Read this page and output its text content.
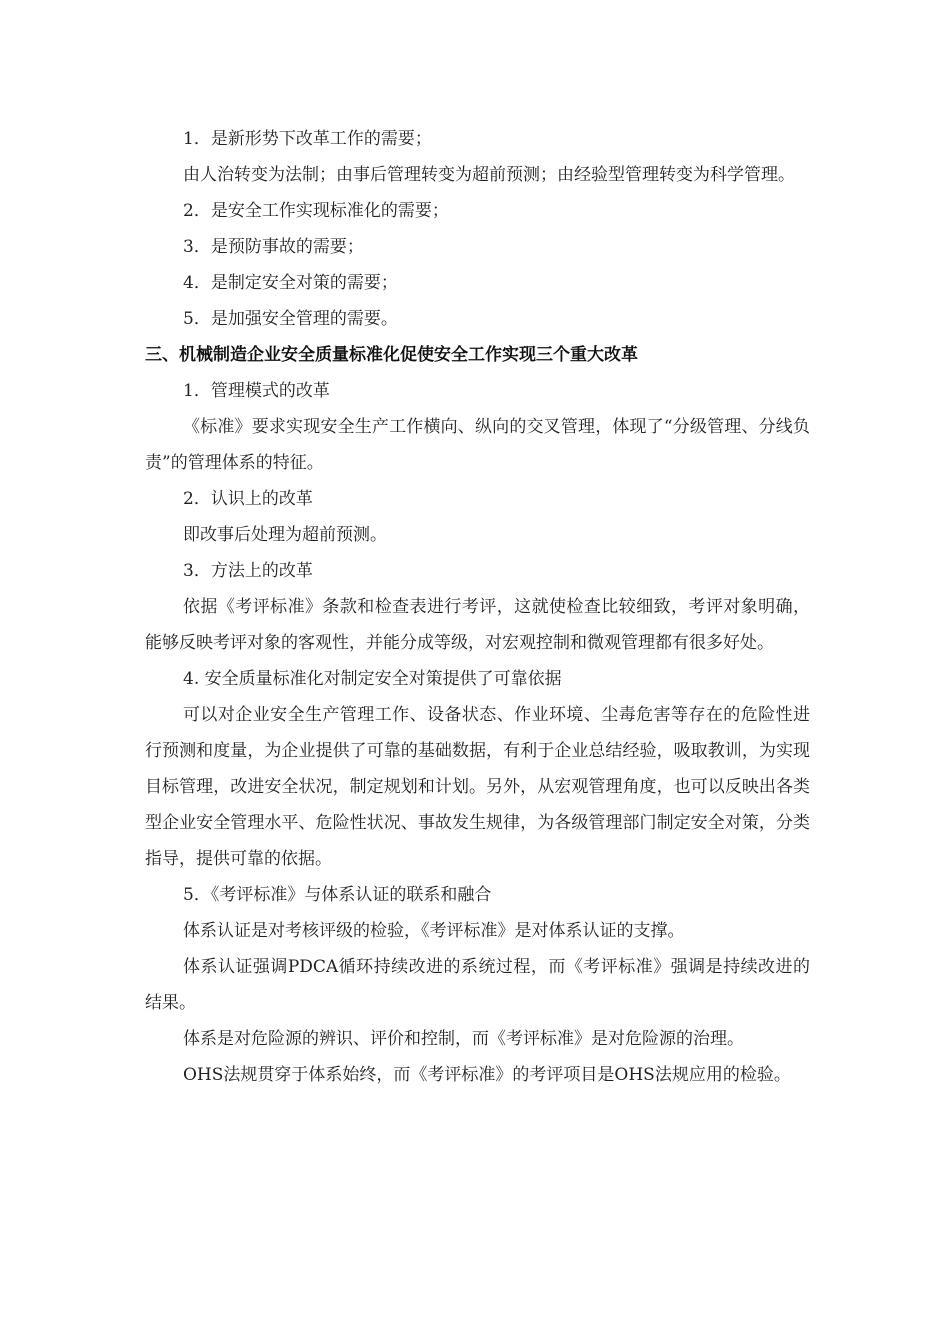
1．是新形势下改革工作的需要；

由人治转变为法制；由事后管理转变为超前预测；由经验型管理转变为科学管理。

2．是安全工作实现标准化的需要；

3．是预防事故的需要；

4．是制定安全对策的需要；

5．是加强安全管理的需要。

三、机械制造企业安全质量标准化促使安全工作实现三个重大改革

1．管理模式的改革

《标准》要求实现安全生产工作横向、纵向的交叉管理，体现了“分级管理、分线负责”的管理体系的特征。

2．认识上的改革

即改事后处理为超前预测。

3．方法上的改革

依据《考评标准》条款和检查表进行考评，这就使检查比较细致，考评对象明确，能够反映考评对象的客观性，并能分成等级，对宏观控制和微观管理都有很多好处。

4. 安全质量标准化对制定安全对策提供了可靠依据

可以对企业安全生产管理工作、设备状态、作业环境、尘毒危害等存在的危险性进行预测和度量，为企业提供了可靠的基础数据，有利于企业总结经验，吸取教训，为实现目标管理，改进安全状况，制定规划和计划。另外，从宏观管理角度，也可以反映出各类型企业安全管理水平、危险性状况、事故发生规律，为各级管理部门制定安全对策，分类指导，提供可靠的依据。

5．《考评标准》与体系认证的联系和融合

体系认证是对考核评级的检验，《考评标准》是对体系认证的支撑。

体系认证强调PDCA循环持续改进的系统过程，而《考评标准》强调是持续改进的结果。

体系是对危险源的辨识、评价和控制，而《考评标准》是对危险源的治理。

OHS法规贯穿于体系始终，而《考评标准》的考评项目是OHS法规应用的检验。
